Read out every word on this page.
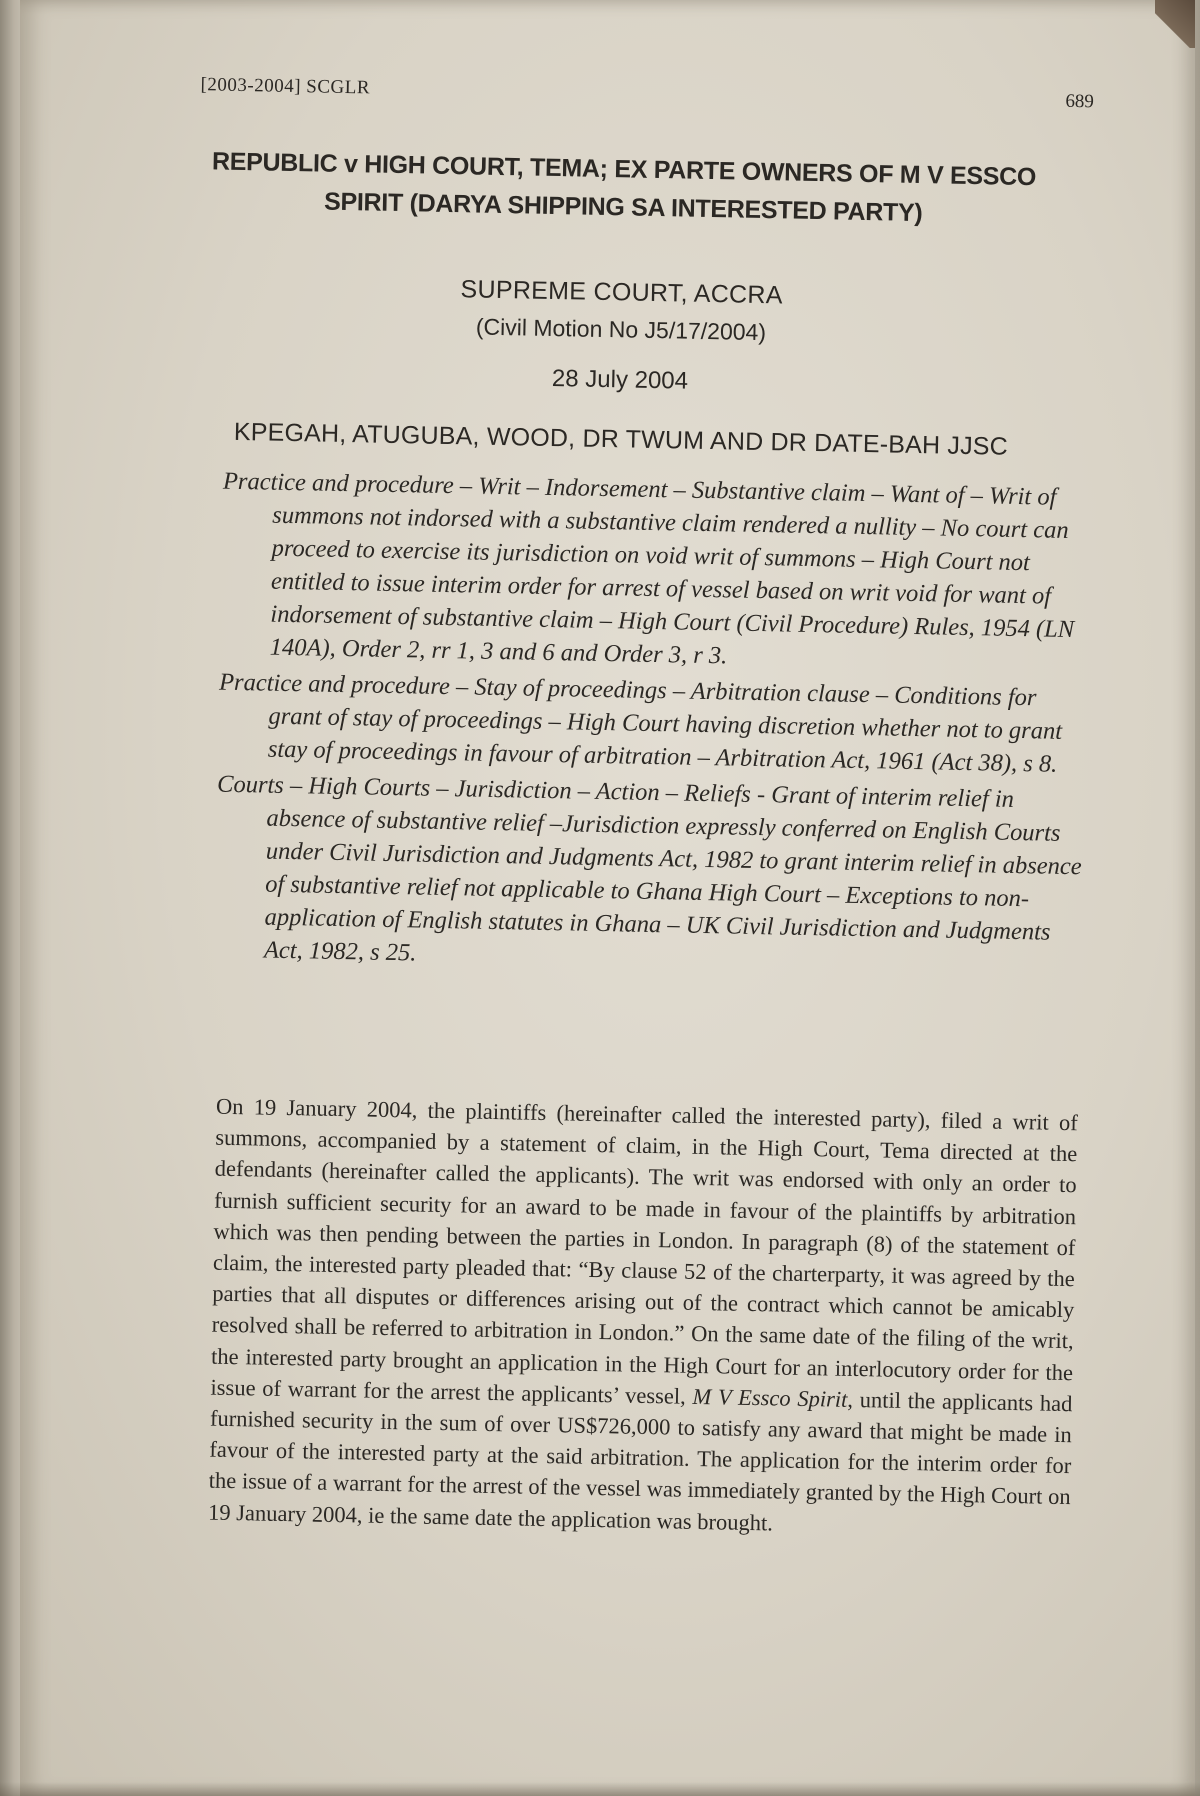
[2003-2004] SCGLR
689
REPUBLIC v HIGH COURT, TEMA; EX PARTE OWNERS OF M V ESSCO SPIRIT (DARYA SHIPPING SA INTERESTED PARTY)
SUPREME COURT, ACCRA
(Civil Motion No J5/17/2004)
28 July 2004
KPEGAH, ATUGUBA, WOOD, DR TWUM AND DR DATE-BAH JJSC

Practice and procedure – Writ – Indorsement – Substantive claim – Want of – Writ of summons not indorsed with a substantive claim rendered a nullity – No court can proceed to exercise its jurisdiction on void writ of summons – High Court not entitled to issue interim order for arrest of vessel based on writ void for want of indorsement of substantive claim – High Court (Civil Procedure) Rules, 1954 (LN 140A), Order 2, rr 1, 3 and 6 and Order 3, r 3.

Practice and procedure – Stay of proceedings – Arbitration clause – Conditions for grant of stay of proceedings – High Court having discretion whether not to grant stay of proceedings in favour of arbitration – Arbitration Act, 1961 (Act 38), s 8.

Courts – High Courts – Jurisdiction – Action – Reliefs - Grant of interim relief in absence of substantive relief –Jurisdiction expressly conferred on English Courts under Civil Jurisdiction and Judgments Act, 1982 to grant interim relief in absence of substantive relief not applicable to Ghana High Court – Exceptions to non-application of English statutes in Ghana – UK Civil Jurisdiction and Judgments Act, 1982, s 25.

On 19 January 2004, the plaintiffs (hereinafter called the interested party), filed a writ of summons, accompanied by a statement of claim, in the High Court, Tema directed at the defendants (hereinafter called the applicants). The writ was endorsed with only an order to furnish sufficient security for an award to be made in favour of the plaintiffs by arbitration which was then pending between the parties in London. In paragraph (8) of the statement of claim, the interested party pleaded that: “By clause 52 of the charterparty, it was agreed by the parties that all disputes or differences arising out of the contract which cannot be amicably resolved shall be referred to arbitration in London.” On the same date of the filing of the writ, the interested party brought an application in the High Court for an interlocutory order for the issue of warrant for the arrest the applicants’ vessel, M V Essco Spirit, until the applicants had furnished security in the sum of over US$726,000 to satisfy any award that might be made in favour of the interested party at the said arbitration. The application for the interim order for the issue of a warrant for the arrest of the vessel was immediately granted by the High Court on 19 January 2004, ie the same date the application was brought.
